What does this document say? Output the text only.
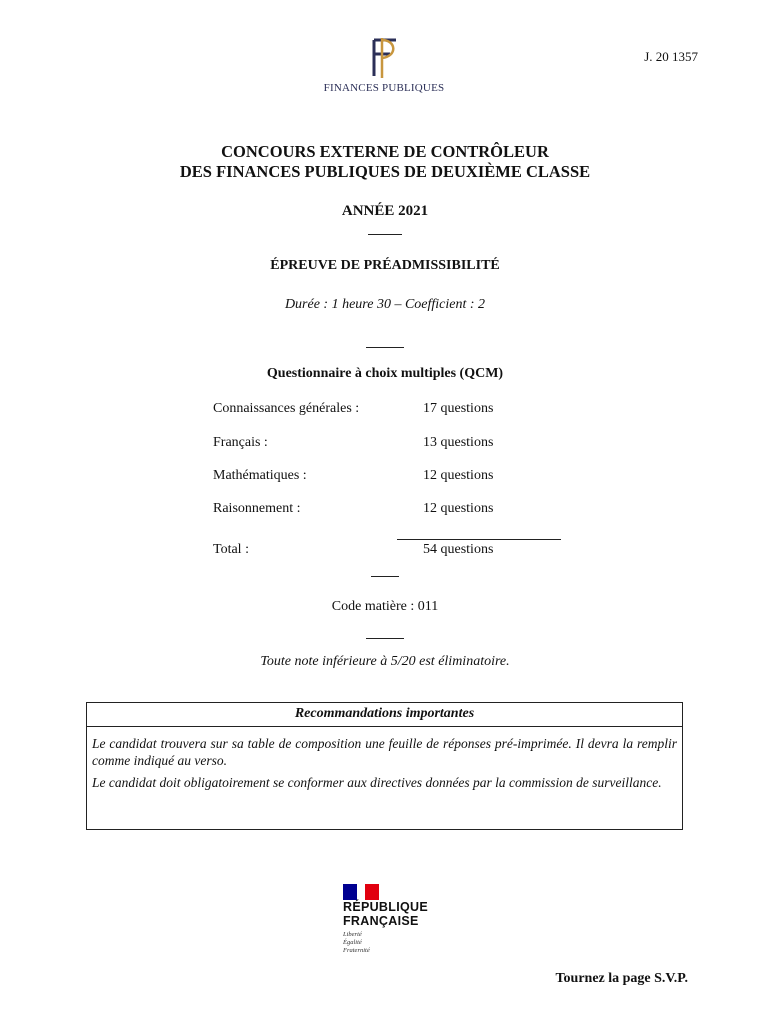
FINANCES PUBLIQUES
J. 20 1357
CONCOURS EXTERNE DE CONTRÔLEUR
DES FINANCES PUBLIQUES DE DEUXIÈME CLASSE
ANNÉE 2021
ÉPREUVE DE PRÉADMISSIBILITÉ
Durée : 1 heure 30 – Coefficient : 2
Questionnaire à choix multiples (QCM)
Connaissances générales :	17 questions
Français :	13 questions
Mathématiques :	12 questions
Raisonnement :	12 questions
Total :	54 questions
Code matière : 011
Toute note inférieure à 5/20 est éliminatoire.
Recommandations importantes
Le candidat trouvera sur sa table de composition une feuille de réponses pré-imprimée. Il devra la remplir comme indiqué au verso.
Le candidat doit obligatoirement se conformer aux directives données par la commission de surveillance.
RÉPUBLIQUE
FRANÇAISE
Liberté
Égalité
Fraternité
Tournez la page S.V.P.
